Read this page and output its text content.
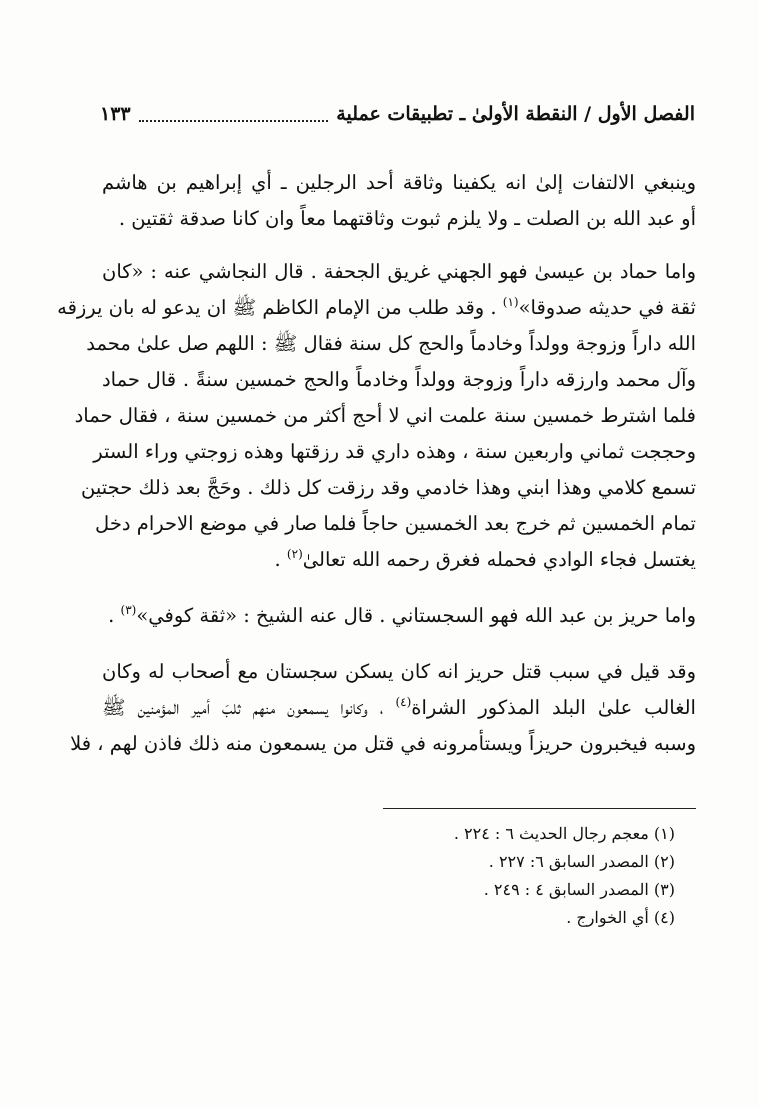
الفصل الأول / النقطة الأولىٰ ـ تطبيقات عملية
١٣٣
وينبغي الالتفات إلىٰ انه يكفينا وثاقة أحد الرجلين ـ أي إبراهيم بن هاشم
أو عبد الله بن الصلت ـ ولا يلزم ثبوت وثاقتهما معاً وان كانا صدقة ثقتين .
واما حماد بن عيسىٰ فهو الجهني غريق الجحفة . قال النجاشي عنه : «كان
ثقة في حديثه صدوقا»$^{(١)}$ . وقد طلب من الإمام الكاظم ﷺ ان يدعو له بان يرزقه
الله داراً وزوجة وولداً وخادماً والحج كل سنة فقال ﷺ : اللهم صل علىٰ محمد
وآل محمد وارزقه داراً وزوجة وولداً وخادماً والحج خمسين سنةً . قال حماد
فلما اشترط خمسين سنة علمت اني لا أحج أكثر من خمسين سنة ، فقال حماد
وحججت ثماني واربعين سنة ، وهذه داري قد رزقتها وهذه زوجتي وراء الستر
تسمع كلامي وهذا ابني وهذا خادمي وقد رزقت كل ذلك . وحَجَّ بعد ذلك حجتين
تمام الخمسين ثم خرج بعد الخمسين حاجاً فلما صار في موضع الاحرام دخل
يغتسل فجاء الوادي فحمله فغرق رحمه الله تعالىٰ$^{(٢)}$ .
واما حريز بن عبد الله فهو السجستاني . قال عنه الشيخ : «ثقة كوفي»$^{(٣)}$ .
وقد قيل في سبب قتل حريز انه كان يسكن سجستان مع أصحاب له وكان
الغالب علىٰ البلد المذكور الشراة$^{(٤)}$ ، وكانوا يسمعون منهم ثلبَ أمير المؤمنين ﷺ
وسبه فيخبرون حريزاً ويستأمرونه في قتل من يسمعون منه ذلك فاذن لهم ، فلا
(١) معجم رجال الحديث ٦ : ٢٢٤ .
(٢) المصدر السابق ٦: ٢٢٧ .
(٣) المصدر السابق ٤ : ٢٤٩ .
(٤) أي الخوارج .
